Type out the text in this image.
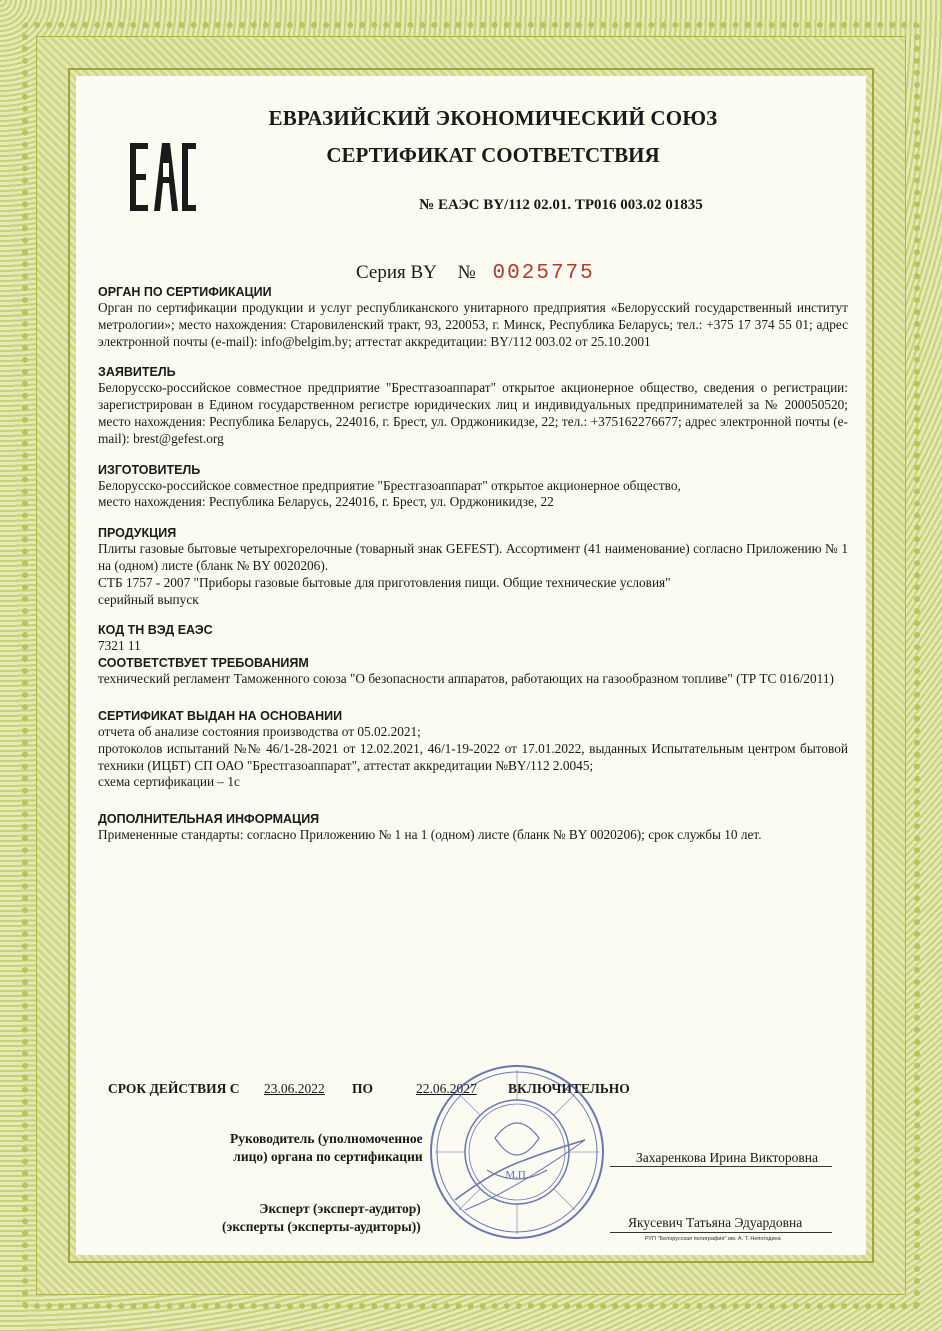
ЕВРАЗИЙСКИЙ ЭКОНОМИЧЕСКИЙ СОЮЗ
СЕРТИФИКАТ СООТВЕТСТВИЯ
№ ЕАЭС BY/112 02.01. ТР016 003.02 01835
Серия BY № 0025775
ОРГАН ПО СЕРТИФИКАЦИИ

Орган по сертификации продукции и услуг республиканского унитарного предприятия «Белорусский государственный институт метрологии»; место нахождения: Старовиленский тракт, 93, 220053, г. Минск, Республика Беларусь; тел.: +375 17 374 55 01; адрес электронной почты (e-mail): info@belgim.by; аттестат аккредитации: BY/112 003.02 от 25.10.2001

ЗАЯВИТЕЛЬ

Белорусско-российское совместное предприятие "Брестгазоаппарат" открытое акционерное общество, сведения о регистрации: зарегистрирован в Едином государственном регистре юридических лиц и индивидуальных предпринимателей за № 200050520; место нахождения: Республика Беларусь, 224016, г. Брест, ул. Орджоникидзе, 22; тел.: +375162276677; адрес электронной почты (e-mail): brest@gefest.org

ИЗГОТОВИТЕЛЬ

Белорусско-российское совместное предприятие "Брестгазоаппарат" открытое акционерное общество,

место нахождения: Республика Беларусь, 224016, г. Брест, ул. Орджоникидзе, 22

ПРОДУКЦИЯ

Плиты газовые бытовые четырехгорелочные (товарный знак GEFEST). Ассортимент (41 наименование) согласно Приложению № 1 на (одном) листе (бланк № BY 0020206).

СТБ 1757 - 2007 "Приборы газовые бытовые для приготовления пищи. Общие технические условия"

серийный выпуск

КОД ТН ВЭД ЕАЭС

7321 11

СООТВЕТСТВУЕТ ТРЕБОВАНИЯМ

технический регламент Таможенного союза "О безопасности аппаратов, работающих на газообразном топливе" (ТР ТС 016/2011)

СЕРТИФИКАТ ВЫДАН НА ОСНОВАНИИ

отчета об анализе состояния производства от 05.02.2021;

протоколов испытаний №№ 46/1-28-2021 от 12.02.2021, 46/1-19-2022 от 17.01.2022, выданных Испытательным центром бытовой техники (ИЦБТ) СП ОАО "Брестгазоаппарат", аттестат аккредитации №BY/112 2.0045;

схема сертификации – 1с

ДОПОЛНИТЕЛЬНАЯ ИНФОРМАЦИЯ

Примененные стандарты: согласно Приложению № 1 на 1 (одном) листе (бланк № BY 0020206); срок службы 10 лет.

СРОК ДЕЙСТВИЯ С 23.06.2022 ПО	22.06.2027 ВКЛЮЧИТЕЛЬНО
Руководитель (уполномоченное
лицо) органа по сертификации	Захаренкова Ирина Викторовна
Эксперт (эксперт-аудитор)
(эксперты (эксперты-аудиторы))	Якусевич Татьяна Эдуардовна
РУП "Белорусская полиграфия" им. А. Т. Непогодина
М.П.
